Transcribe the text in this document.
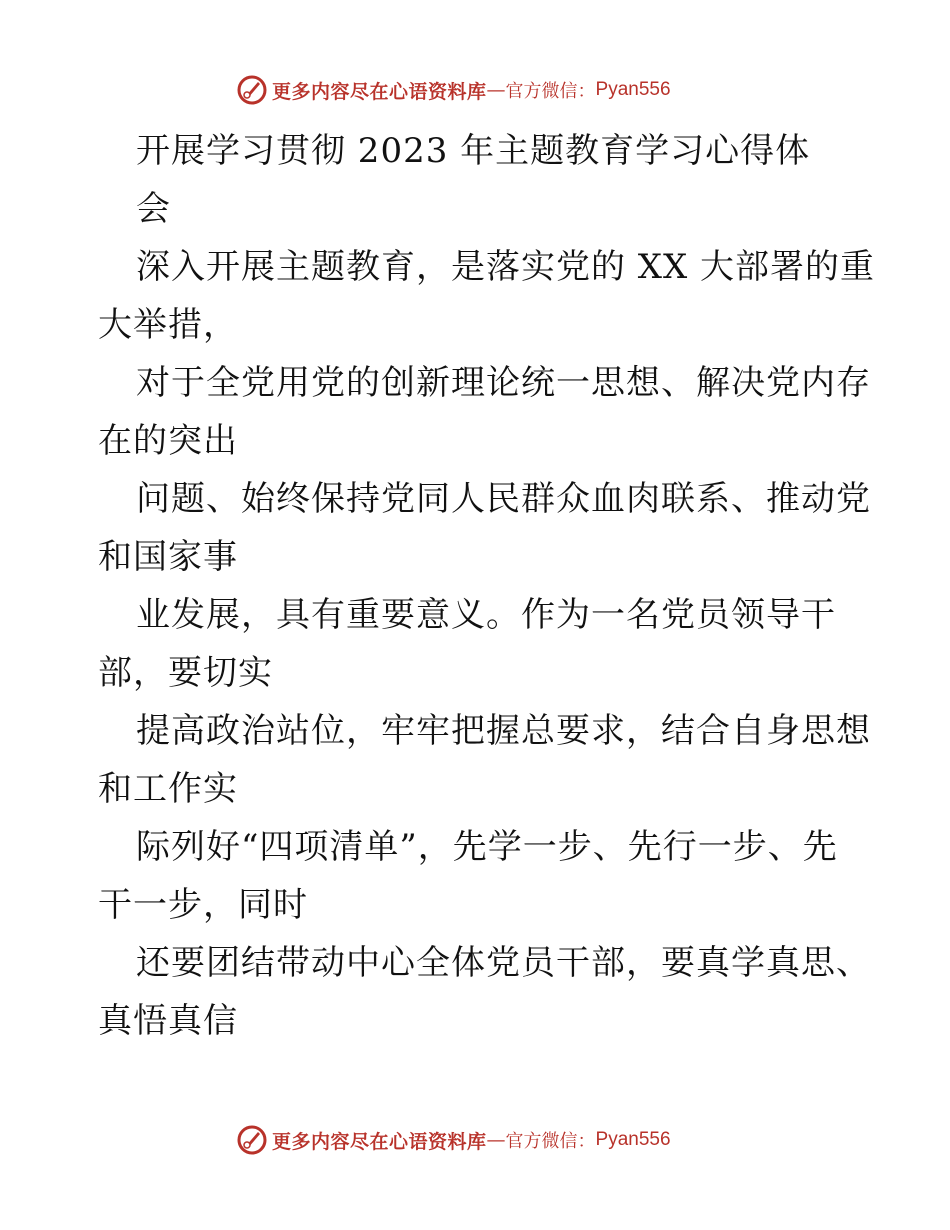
更多内容尽在心语资料库 — 官方微信： Pyan556
开展学习贯彻 2023 年主题教育学习心得体
会
深入开展主题教育，是落实党的 XX 大部署的重
大举措，
对于全党用党的创新理论统一思想、解决党内存
在的突出
问题、始终保持党同人民群众血肉联系、推动党
和国家事
业发展，具有重要意义。作为一名党员领导干
部，要切实
提高政治站位，牢牢把握总要求，结合自身思想
和工作实
际列好“四项清单”，先学一步、先行一步、先
干一步，同时
还要团结带动中心全体党员干部，要真学真思、
真悟真信
更多内容尽在心语资料库 — 官方微信： Pyan556
